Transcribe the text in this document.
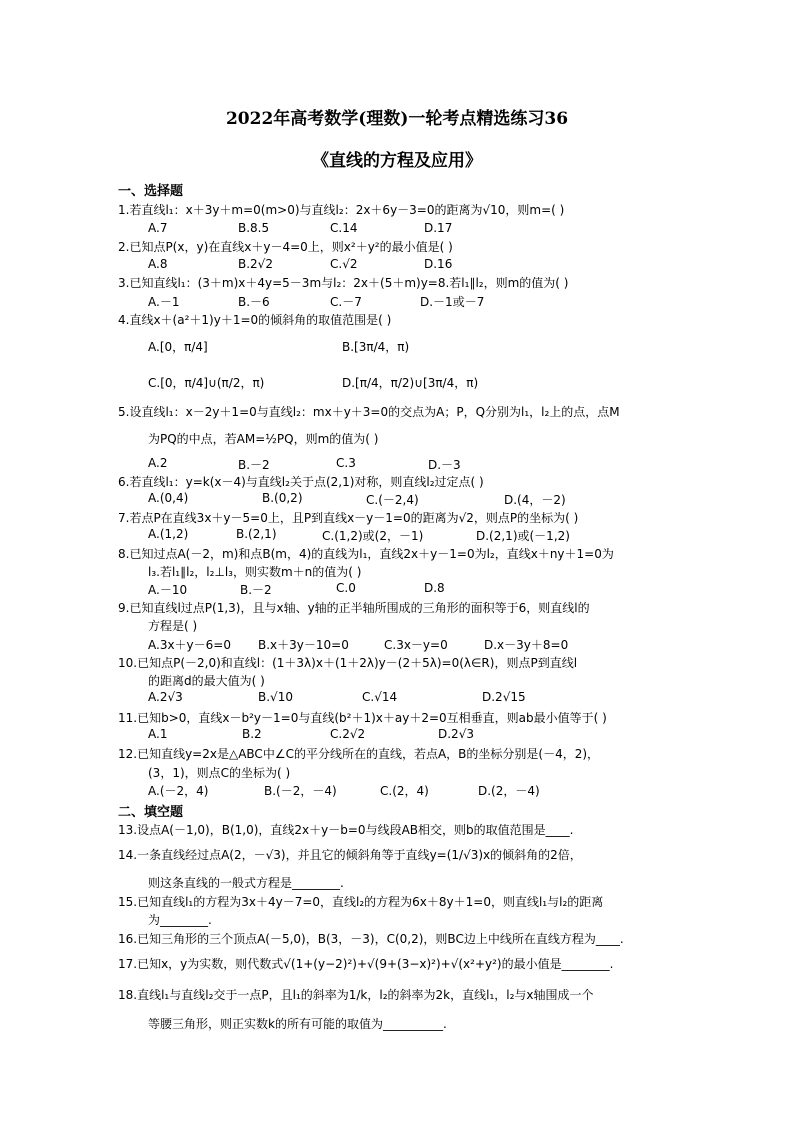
2022年高考数学(理数)一轮考点精选练习36
《直线的方程及应用》
一、选择题
1.若直线l₁：x＋3y＋m=0(m>0)与直线l₂：2x＋6y－3=0的距离为√10，则m=( )
A.7	B.8.5	C.14	D.17
2.已知点P(x，y)在直线x＋y－4=0上，则x²＋y²的最小值是( )
A.8	B.2√2	C.√2	D.16
3.已知直线l₁：(3＋m)x＋4y=5－3m与l₂：2x＋(5＋m)y=8.若l₁∥l₂，则m的值为( )
A.－1	B.－6	C.－7	D.－1或－7
4.直线x＋(a²＋1)y＋1=0的倾斜角的取值范围是( )
A.[0，π/4]	B.[3π/4，π)
C.[0，π/4]∪(π/2，π)	D.[π/4，π/2)∪[3π/4，π)
5.设直线l₁：x－2y＋1=0与直线l₂：mx＋y＋3=0的交点为A；P，Q分别为l₁，l₂上的点，点M
为PQ的中点，若AM=½PQ，则m的值为( )
A.2	B.－2	C.3	D.－3
6.若直线l₁：y=k(x－4)与直线l₂关于点(2,1)对称，则直线l₂过定点( )
A.(0,4)	B.(0,2)	C.(－2,4)	D.(4，－2)
7.若点P在直线3x＋y－5=0上，且P到直线x－y－1=0的距离为√2，则点P的坐标为( )
A.(1,2)	B.(2,1)	C.(1,2)或(2，－1)	D.(2,1)或(－1,2)
8.已知过点A(－2，m)和点B(m，4)的直线为l₁，直线2x＋y－1=0为l₂，直线x＋ny＋1=0为
l₃.若l₁∥l₂，l₂⊥l₃，则实数m＋n的值为( )
A.－10	B.－2	C.0	D.8
9.已知直线l过点P(1,3)，且与x轴、y轴的正半轴所围成的三角形的面积等于6，则直线l的
方程是( )
A.3x＋y－6=0 B.x＋3y－10=0	C.3x－y=0	D.x－3y＋8=0
10.已知点P(－2,0)和直线l：(1＋3λ)x＋(1＋2λ)y－(2＋5λ)=0(λ∈R)，则点P到直线l
的距离d的最大值为( )
A.2√3	B.√10	C.√14	D.2√15
11.已知b>0，直线x－b²y－1=0与直线(b²＋1)x＋ay＋2=0互相垂直，则ab最小值等于( )
A.1	B.2	C.2√2	D.2√3
12.已知直线y=2x是△ABC中∠C的平分线所在的直线，若点A，B的坐标分别是(－4，2)，
(3，1)，则点C的坐标为( )
A.(－2，4)	B.(－2，－4)	C.(2，4)	D.(2，－4)
二、填空题
13.设点A(－1,0)，B(1,0)，直线2x＋y－b=0与线段AB相交，则b的取值范围是____.
14.一条直线经过点A(2，－√3)，并且它的倾斜角等于直线y=(1/√3)x的倾斜角的2倍，
则这条直线的一般式方程是________.
15.已知直线l₁的方程为3x＋4y－7=0，直线l₂的方程为6x＋8y＋1=0，则直线l₁与l₂的距离
为________.
16.已知三角形的三个顶点A(－5,0)，B(3，－3)，C(0,2)，则BC边上中线所在直线方程为____.
17.已知x，y为实数，则代数式√(1+(y−2)²)+√(9+(3−x)²)+√(x²+y²)的最小值是________.
18.直线l₁与直线l₂交于一点P，且l₁的斜率为1/k，l₂的斜率为2k，直线l₁，l₂与x轴围成一个
等腰三角形，则正实数k的所有可能的取值为__________.
